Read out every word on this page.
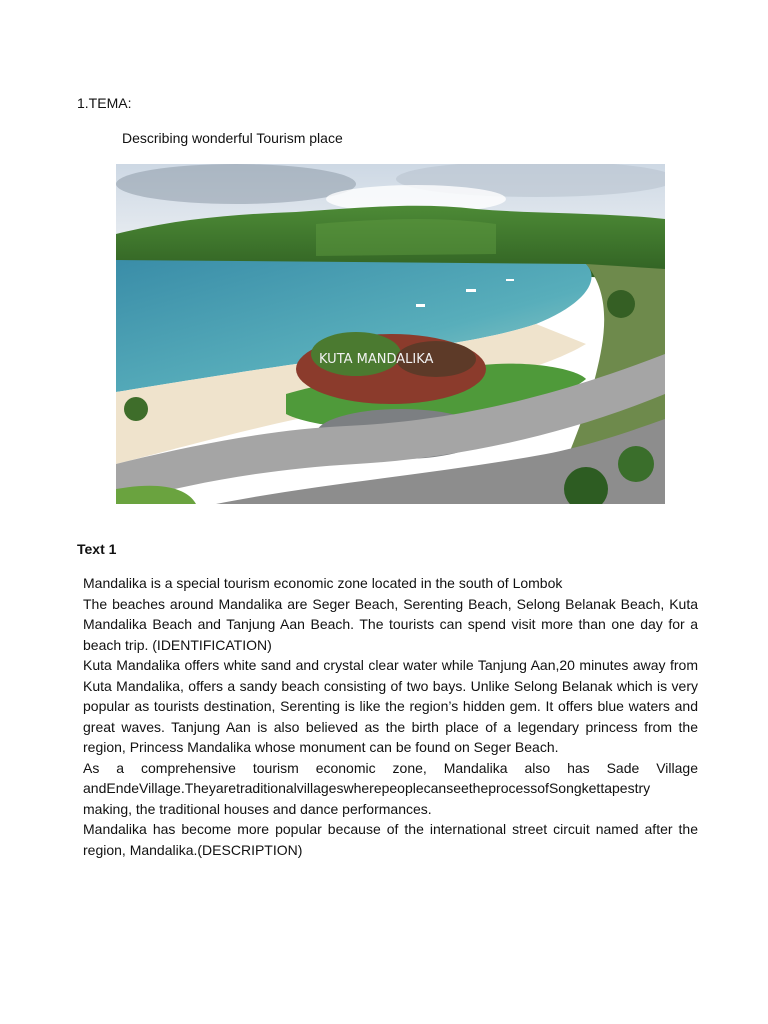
1.TEMA:

Describing wonderful Tourism place

KUTA MANDALIKA

Text 1

Mandalika is a special tourism economic zone located in the south of Lombok

The beaches around Mandalika are Seger Beach, Serenting Beach, Selong Belanak Beach, Kuta Mandalika Beach and Tanjung Aan Beach. The tourists can spend visit more than one day for a beach trip. (IDENTIFICATION)

Kuta Mandalika offers white sand and crystal clear water while Tanjung Aan,20 minutes away from Kuta Mandalika, offers a sandy beach consisting of two bays. Unlike Selong Belanak which is very popular as tourists destination, Serenting is like the region’s hidden gem. It offers blue waters and great waves. Tanjung Aan is also believed as the birth place of a legendary princess from the region, Princess Mandalika whose monument can be found on Seger Beach.

As a comprehensive tourism economic zone, Mandalika also has Sade Village andEndeVillage.TheyaretraditionalvillageswherepeoplecanseetheprocessofSongkettapestry making, the traditional houses and dance performances.

Mandalika has become more popular because of the international street circuit named after the region, Mandalika.(DESCRIPTION)
